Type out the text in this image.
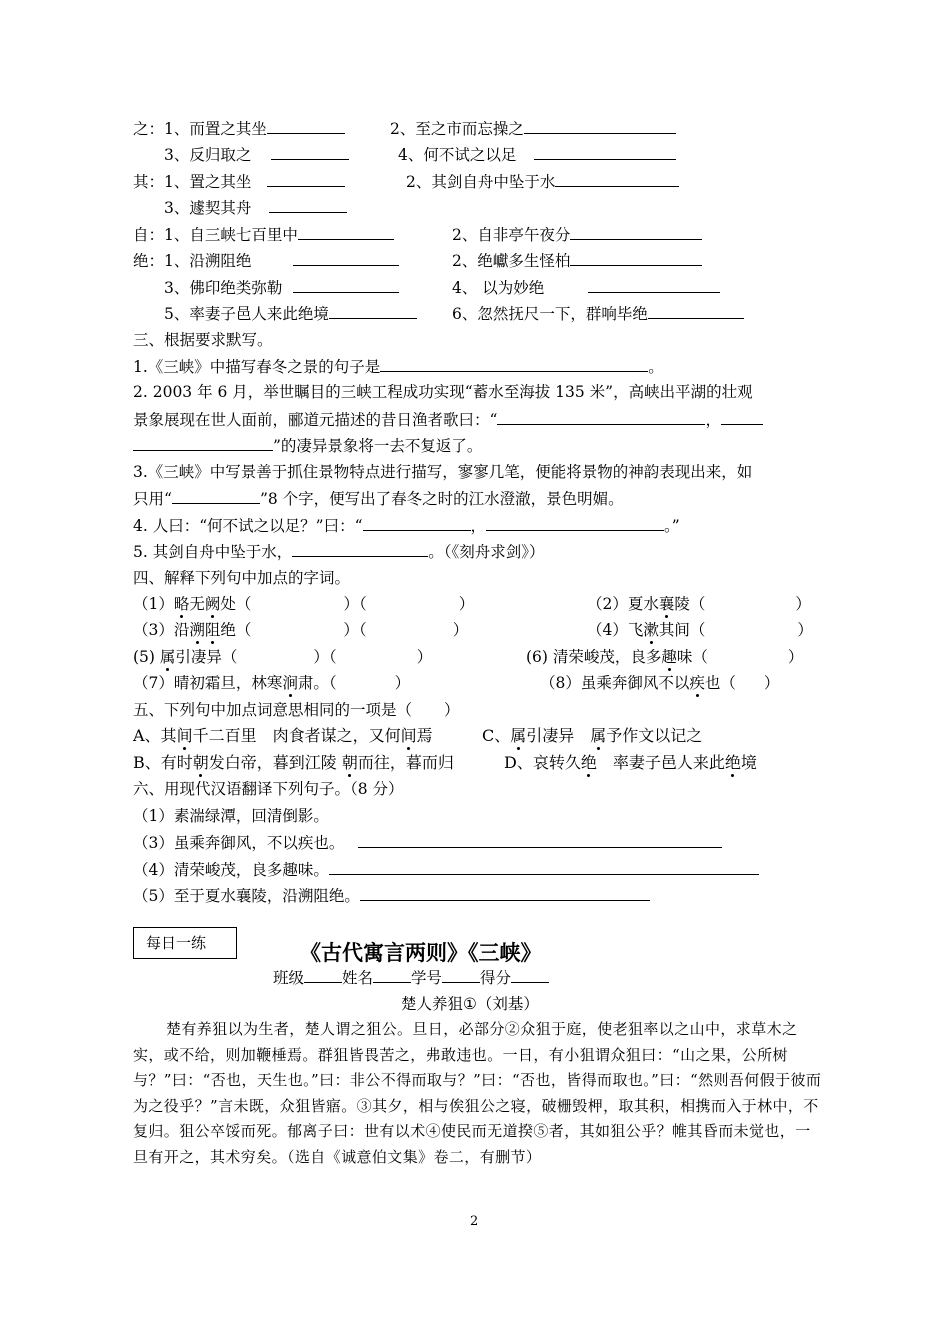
之：1、而置之其坐	2、至之市而忘操之
3、反归取之	4、何不试之以足
其：1、置之其坐	2、其剑自舟中坠于水
3、遽契其舟
自：1、自三峡七百里中	2、自非亭午夜分
绝：1、沿溯阻绝	2、绝巘多生怪柏
3、佛印绝类弥勒	4、 以为妙绝
5、率妻子邑人来此绝境	6、忽然抚尺一下，群响毕绝
三、根据要求默写。
1.《三峡》中描写春冬之景的句子是	。
2. 2003 年 6 月，举世瞩目的三峡工程成功实现“蓄水至海拔 135 米”，高峡出平湖的壮观
景象展现在世人面前，郦道元描述的昔日渔者歌曰：“	，
”的凄异景象将一去不复返了。
3.《三峡》中写景善于抓住景物特点进行描写，寥寥几笔，便能将景物的神韵表现出来，如
只用“	”8 个字，便写出了春冬之时的江水澄澈，景色明媚。
4. 人曰：“何不试之以足？”曰：“	，	。”
5. 其剑自舟中坠于水，	。（《刻舟求剑》）
四、解释下列句中加点的字词。
（1）略无阙处（	）（	）	（2）夏水襄陵（	）
（3）沿溯阻绝（	）（	）	（4）飞漱其间（	）
(5) 属引凄异（	）（	）	(6) 清荣峻茂，良多趣味（	）
（7）晴初霜旦，林寒涧肃。（	）	（8）虽乘奔御风不以疾也（ ）
五、下列句中加点词意思相同的一项是（ ）
A、其间千二百里　肉食者谋之，又何间焉	C、属引凄异　属予作文以记之
B、有时朝发白帝，暮到江陵 朝而往，暮而归	D、哀转久绝　率妻子邑人来此绝境
六、用现代汉语翻译下列句子。（8 分）
（1）素湍绿潭，回清倒影。
（3）虽乘奔御风，不以疾也。
（4）清荣峻茂，良多趣味。
（5）至于夏水襄陵，沿溯阻绝。
每日一练	《古代寓言两则》《三峡》
班级 姓名 学号 得分
楚人养狙①（刘基）
楚有养狙以为生者，楚人谓之狙公。旦日，必部分②众狙于庭，使老狙率以之山中，求草木之实，或不给，则加鞭棰焉。群狙皆畏苦之，弗敢违也。一日，有小狙谓众狙曰：“山之果，公所树与？”曰：“否也，天生也。”曰：非公不得而取与？”曰：“否也，皆得而取也。”曰：“然则吾何假于彼而为之役乎？”言未既，众狙皆寤。③其夕，相与俟狙公之寝，破栅毁柙，取其积，相携而入于林中，不复归。狙公卒馁而死。郁离子曰：世有以术④使民而无道揆⑤者，其如狙公乎？帷其昏而未觉也，一旦有开之，其术穷矣。（选自《诚意伯文集》卷二，有删节）
2
